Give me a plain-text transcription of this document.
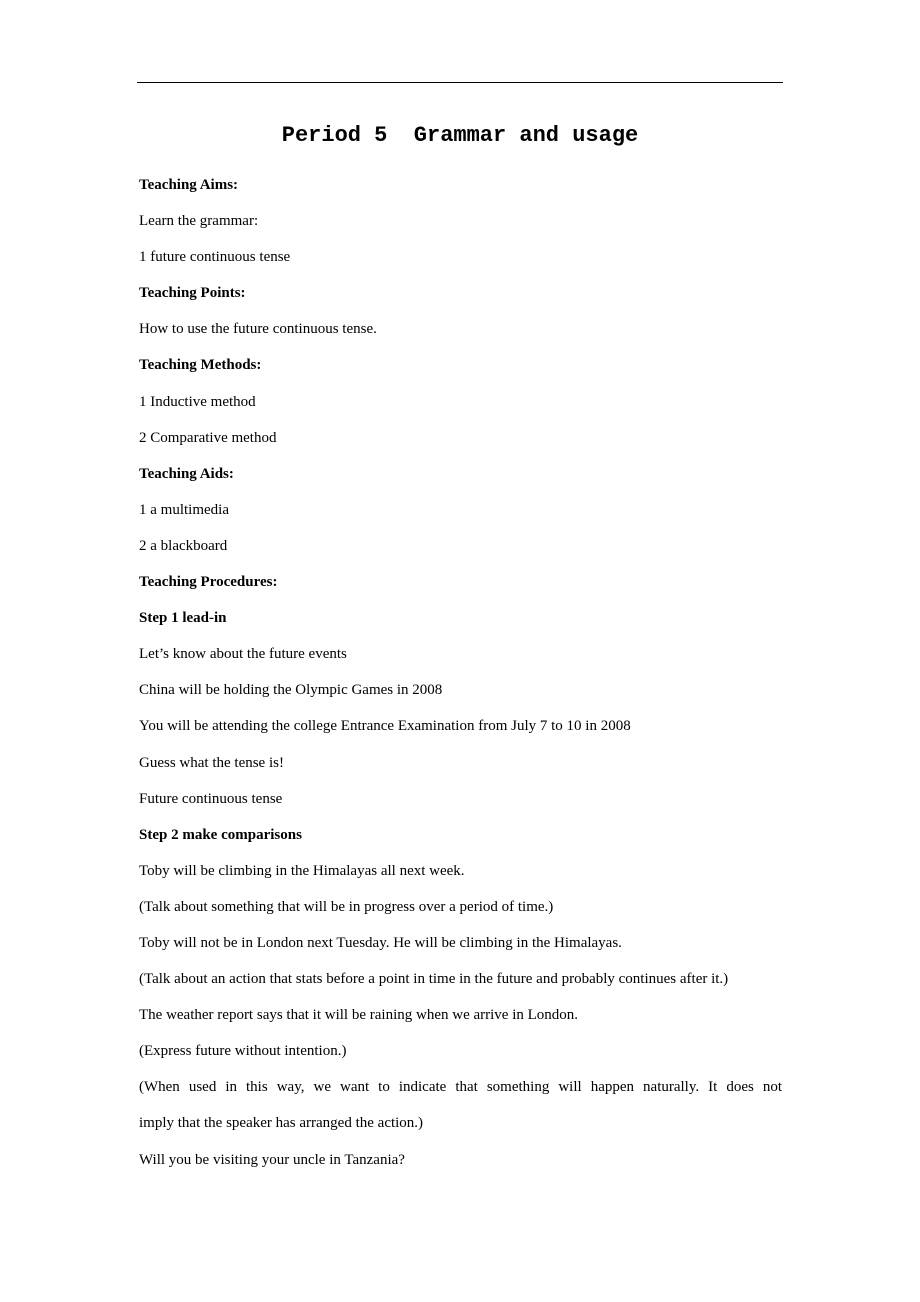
Period 5  Grammar and usage
Teaching Aims:
Learn the grammar:
1 future continuous tense
Teaching Points:
How to use the future continuous tense.
Teaching Methods:
1 Inductive method
2 Comparative method
Teaching Aids:
1 a multimedia
2 a blackboard
Teaching Procedures:
Step 1 lead-in
Let’s know about the future events
China will be holding the Olympic Games in 2008
You will be attending the college Entrance Examination from July 7 to 10 in 2008
Guess what the tense is!
Future continuous tense
Step 2 make comparisons
Toby will be climbing in the Himalayas all next week.
(Talk about something that will be in progress over a period of time.)
Toby will not be in London next Tuesday. He will be climbing in the Himalayas.
(Talk about an action that stats before a point in time in the future and probably continues after it.)
The weather report says that it will be raining when we arrive in London.
(Express future without intention.)
(When used in this way, we want to indicate that something will happen naturally. It does not
imply that the speaker has arranged the action.)
Will you be visiting your uncle in Tanzania?
